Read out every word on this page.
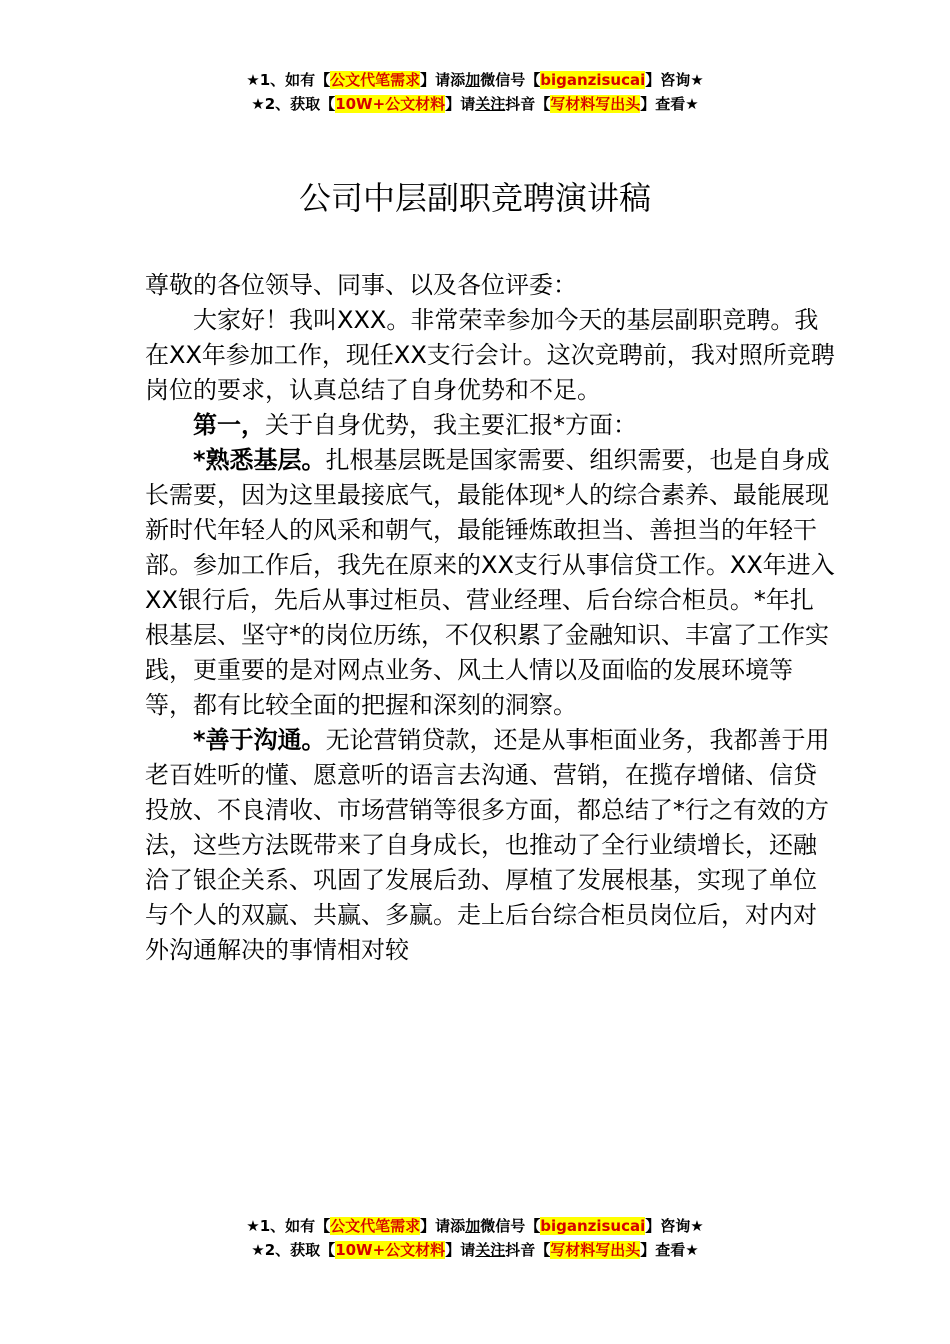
★1、如有【公文代笔需求】请添加微信号【biganzisucai】咨询★
★2、获取【10W+公文材料】请关注抖音【写材料写出头】查看★
公司中层副职竞聘演讲稿

尊敬的各位领导、同事、以及各位评委：

大家好！我叫XXX。非常荣幸参加今天的基层副职竞聘。我在XX年参加工作，现任XX支行会计。这次竞聘前，我对照所竞聘岗位的要求，认真总结了自身优势和不足。

第一，关于自身优势，我主要汇报*方面：

*熟悉基层。扎根基层既是国家需要、组织需要，也是自身成长需要，因为这里最接底气，最能体现*人的综合素养、最能展现新时代年轻人的风采和朝气，最能锤炼敢担当、善担当的年轻干部。参加工作后，我先在原来的XX支行从事信贷工作。XX年进入XX银行后，先后从事过柜员、营业经理、后台综合柜员。*年扎根基层、坚守*的岗位历练，不仅积累了金融知识、丰富了工作实践，更重要的是对网点业务、风土人情以及面临的发展环境等等，都有比较全面的把握和深刻的洞察。

*善于沟通。无论营销贷款，还是从事柜面业务，我都善于用老百姓听的懂、愿意听的语言去沟通、营销，在揽存增储、信贷投放、不良清收、市场营销等很多方面，都总结了*行之有效的方法，这些方法既带来了自身成长，也推动了全行业绩增长，还融洽了银企关系、巩固了发展后劲、厚植了发展根基，实现了单位与个人的双赢、共赢、多赢。走上后台综合柜员岗位后，对内对外沟通解决的事情相对较

★1、如有【公文代笔需求】请添加微信号【biganzisucai】咨询★
★2、获取【10W+公文材料】请关注抖音【写材料写出头】查看★
